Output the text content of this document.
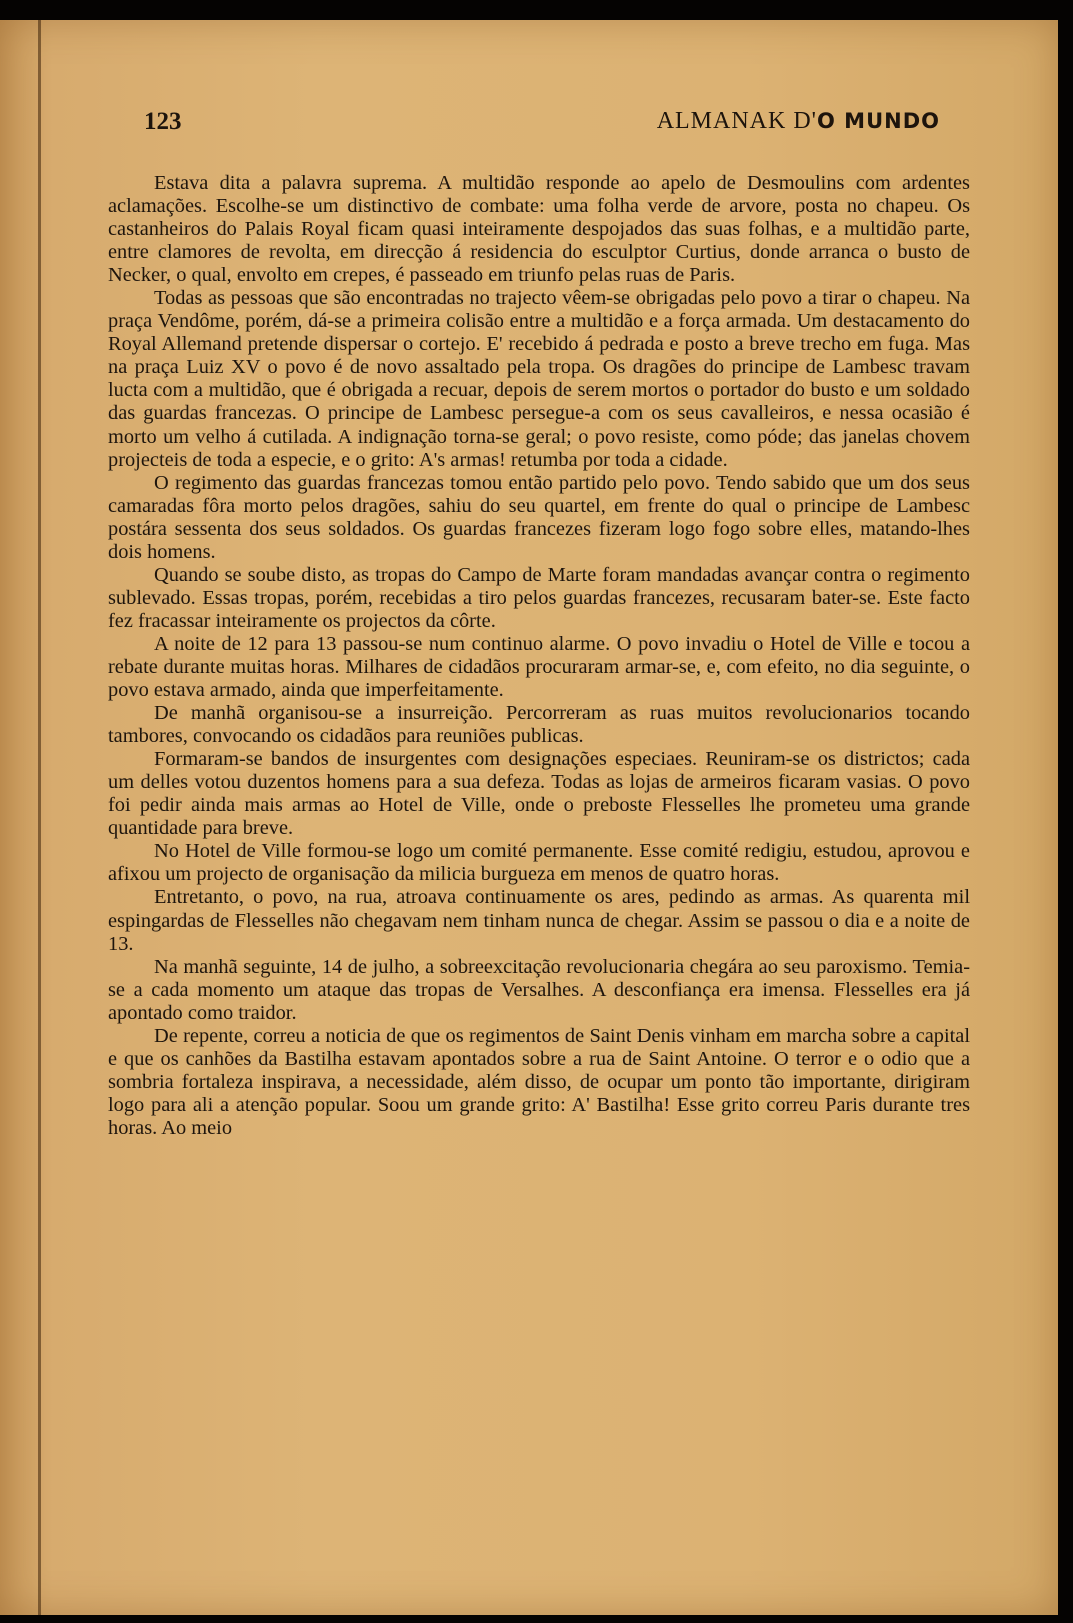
123	ALMANAK D'O MUNDO

Estava dita a palavra suprema. A multidão responde ao apelo de Desmoulins com ardentes aclamações. Escolhe-se um distinctivo de combate: uma folha verde de arvore, posta no chapeu. Os castanheiros do Palais Royal ficam quasi inteiramente despojados das suas folhas, e a multidão parte, entre clamores de revolta, em direcção á residencia do esculptor Curtius, donde arranca o busto de Necker, o qual, envolto em crepes, é passeado em triunfo pelas ruas de Paris.

Todas as pessoas que são encontradas no trajecto vêem-se obrigadas pelo povo a tirar o chapeu. Na praça Vendôme, porém, dá-se a primeira colisão entre a multidão e a força armada. Um destacamento do Royal Allemand pretende dispersar o cortejo. E' recebido á pedrada e posto a breve trecho em fuga. Mas na praça Luiz XV o povo é de novo assaltado pela tropa. Os dragões do principe de Lambesc travam lucta com a multidão, que é obrigada a recuar, depois de serem mortos o portador do busto e um soldado das guardas francezas. O principe de Lambesc persegue-a com os seus cavalleiros, e nessa ocasião é morto um velho á cutilada. A indignação torna-se geral; o povo resiste, como póde; das janelas chovem projecteis de toda a especie, e o grito: A's armas! retumba por toda a cidade.

O regimento das guardas francezas tomou então partido pelo povo. Tendo sabido que um dos seus camaradas fôra morto pelos dragões, sahiu do seu quartel, em frente do qual o principe de Lambesc postára sessenta dos seus soldados. Os guardas francezes fizeram logo fogo sobre elles, matando-lhes dois homens.

Quando se soube disto, as tropas do Campo de Marte foram mandadas avançar contra o regimento sublevado. Essas tropas, porém, recebidas a tiro pelos guardas francezes, recusaram bater-se. Este facto fez fracassar inteiramente os projectos da côrte.

A noite de 12 para 13 passou-se num continuo alarme. O povo invadiu o Hotel de Ville e tocou a rebate durante muitas horas. Milhares de cidadãos procuraram armar-se, e, com efeito, no dia seguinte, o povo estava armado, ainda que imperfeitamente.

De manhã organisou-se a insurreição. Percorreram as ruas muitos revolucionarios tocando tambores, convocando os cidadãos para reuniões publicas.

Formaram-se bandos de insurgentes com designações especiaes. Reuniram-se os districtos; cada um delles votou duzentos homens para a sua defeza. Todas as lojas de armeiros ficaram vasias. O povo foi pedir ainda mais armas ao Hotel de Ville, onde o preboste Flesselles lhe prometeu uma grande quantidade para breve.

No Hotel de Ville formou-se logo um comité permanente. Esse comité redigiu, estudou, aprovou e afixou um projecto de organisação da milicia burgueza em menos de quatro horas.

Entretanto, o povo, na rua, atroava continuamente os ares, pedindo as armas. As quarenta mil espingardas de Flesselles não chegavam nem tinham nunca de chegar. Assim se passou o dia e a noite de 13.

Na manhã seguinte, 14 de julho, a sobreexcitação revolucionaria chegára ao seu paroxismo. Temia-se a cada momento um ataque das tropas de Versalhes. A desconfiança era imensa. Flesselles era já apontado como traidor.

De repente, correu a noticia de que os regimentos de Saint Denis vinham em marcha sobre a capital e que os canhões da Bastilha estavam apontados sobre a rua de Saint Antoine. O terror e o odio que a sombria fortaleza inspirava, a necessidade, além disso, de ocupar um ponto tão importante, dirigiram logo para ali a atenção popular. Soou um grande grito: A' Bastilha! Esse grito correu Paris durante tres horas. Ao meio
